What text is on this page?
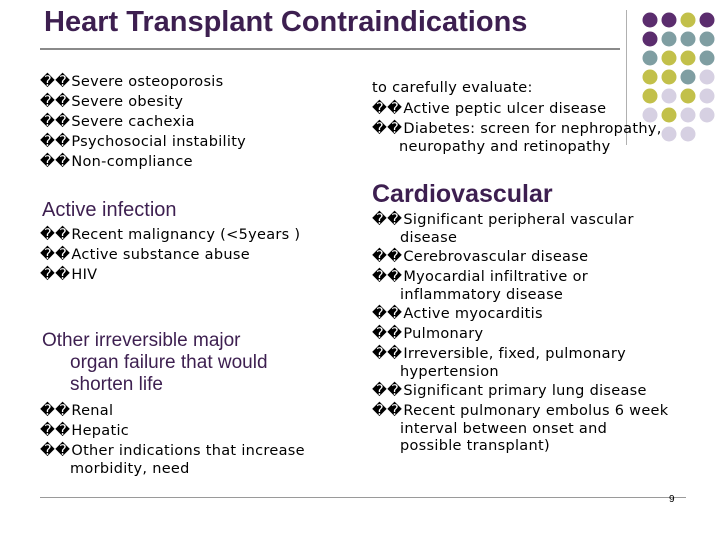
Heart Transplant Contraindications
��Severe osteoporosis
��Severe obesity
��Severe cachexia
��Psychosocial instability
��Non-compliance
Active infection
��Recent malignancy (<5years )
��Active substance abuse
��HIV
Other irreversible major
organ failure that would
shorten life
��Renal
��Hepatic
��Other indications that increase
morbidity, need
to carefully evaluate:
��Active peptic ulcer disease
��Diabetes: screen for nephropathy,
neuropathy and retinopathy
Cardiovascular
��Significant peripheral vascular
disease
��Cerebrovascular disease
��Myocardial infiltrative or
inflammatory disease
��Active myocarditis
��Pulmonary
��Irreversible, fixed, pulmonary
hypertension
��Significant primary lung disease
��Recent pulmonary embolus 6 week
interval between onset and
possible transplant)
9
